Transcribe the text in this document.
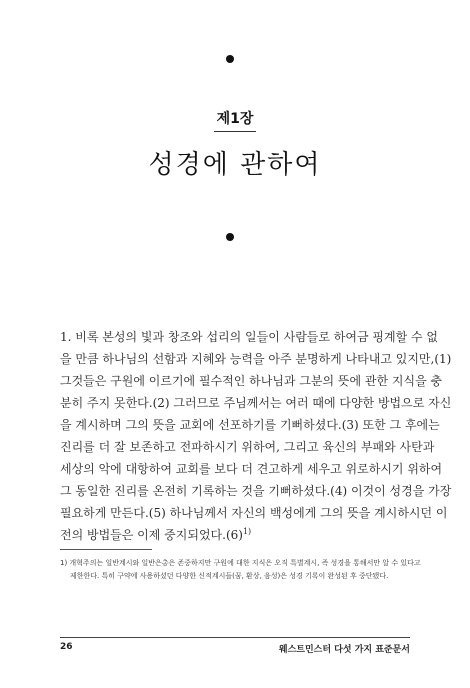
제1장
성경에 관하여
1. 비록 본성의 빛과 창조와 섭리의 일들이 사람들로 하여금 핑계할 수 없
을 만큼 하나님의 선함과 지혜와 능력을 아주 분명하게 나타내고 있지만,(1)
그것들은 구원에 이르기에 필수적인 하나님과 그분의 뜻에 관한 지식을 충
분히 주지 못한다.(2) 그러므로 주님께서는 여러 때에 다양한 방법으로 자신
을 계시하며 그의 뜻을 교회에 선포하기를 기뻐하셨다.(3) 또한 그 후에는
진리를 더 잘 보존하고 전파하시기 위하여, 그리고 육신의 부패와 사탄과
세상의 악에 대항하여 교회를 보다 더 견고하게 세우고 위로하시기 위하여
그 동일한 진리를 온전히 기록하는 것을 기뻐하셨다.(4) 이것이 성경을 가장
필요하게 만든다.(5) 하나님께서 자신의 백성에게 그의 뜻을 계시하시던 이
전의 방법들은 이제 중지되었다.(6)$^{1)}$
1) 개혁주의는 일반계시와 일반은총은 존중하지만 구원에 대한 지식은 오직 특별계시, 즉 성경을 통해서만 알 수 있다고
제한한다. 특히 구약에 사용하셨던 다양한 신적계시들(꿈, 환상, 음성)은 성경 기록이 완성된 후 중단됐다.
26	웨스트민스터 다섯 가지 표준문서
